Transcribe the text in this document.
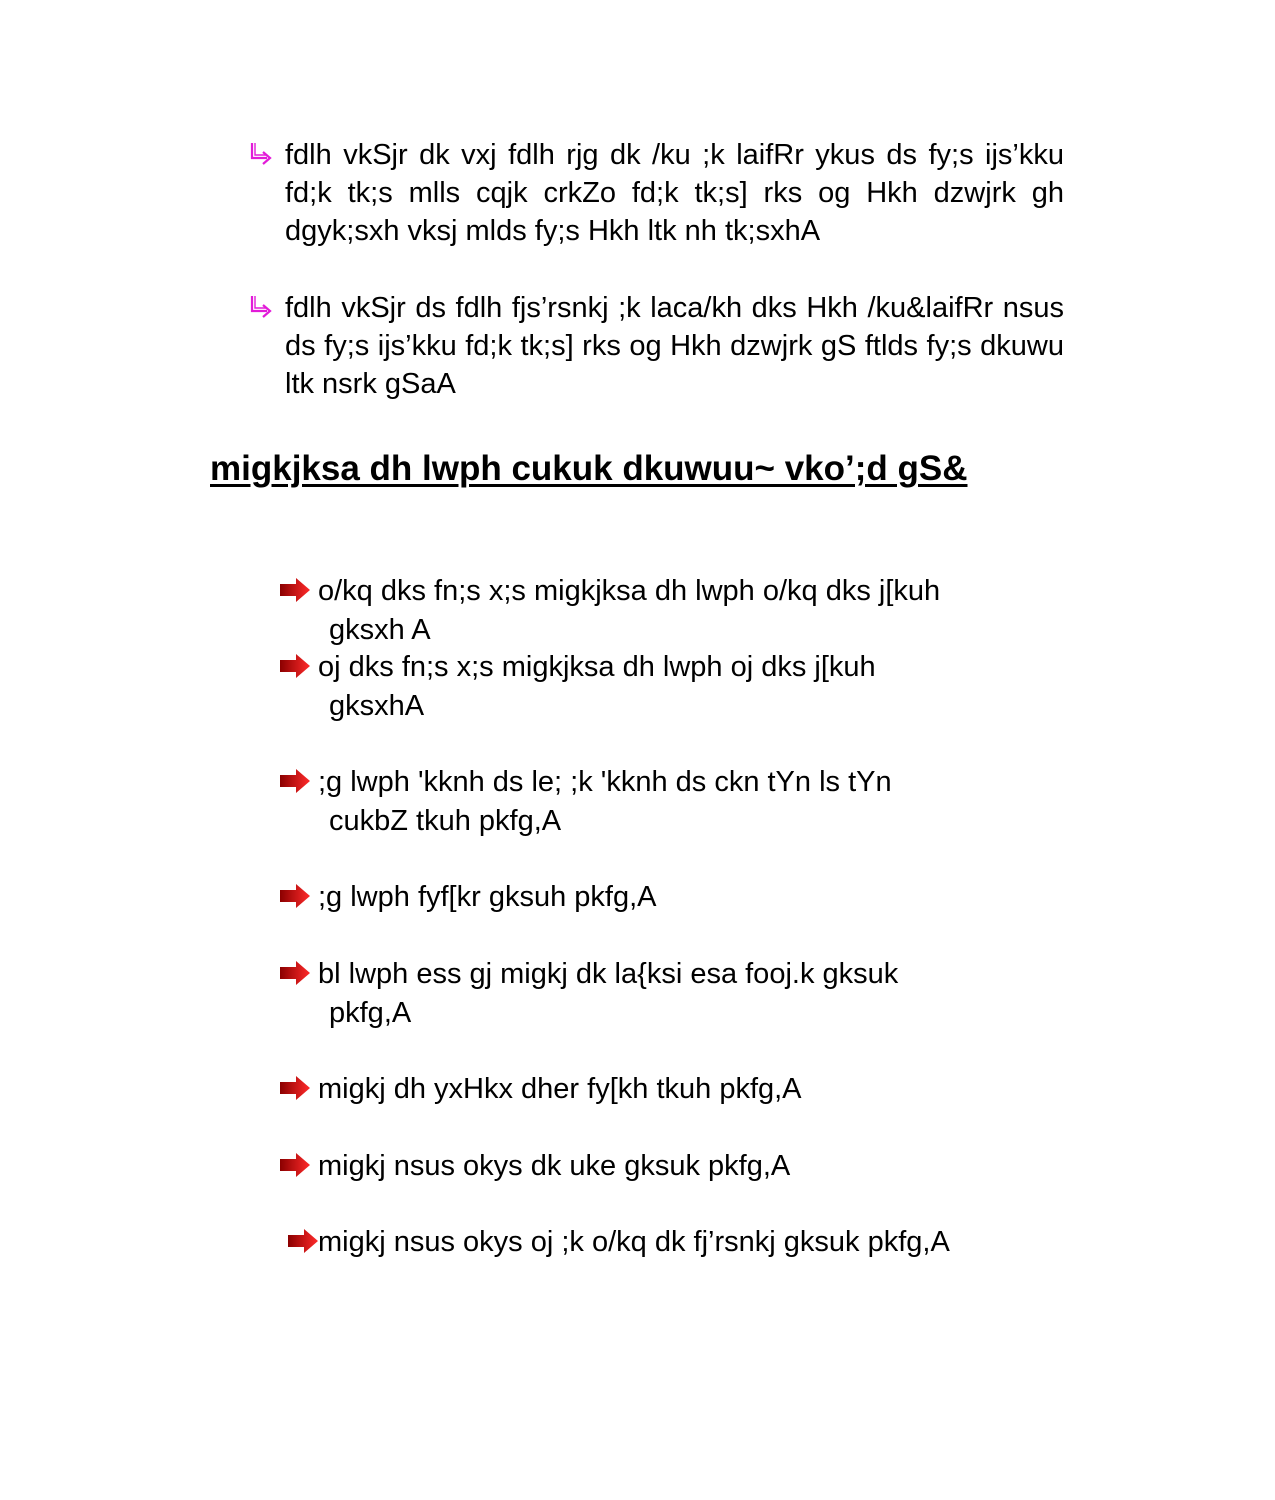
fdlh vkSjr dk vxj fdlh rjg dk /ku ;k laifRr ykus ds fy;s ijs’kku fd;k tk;s mlls cqjk crkZo fd;k tk;s] rks og Hkh dzwjrk gh dgyk;sxh vksj mlds fy;s Hkh ltk nh tk;sxhA
fdlh vkSjr ds fdlh fjs’rsnkj ;k laca/kh dks Hkh /ku&laifRr nsus ds fy;s ijs’kku fd;k tk;s] rks og Hkh dzwjrk gS ftlds fy;s dkuwu ltk nsrk gSaA
migkjksa dh lwph cukuk dkuwuu~ vko’;d gS&
o/kq dks fn;s x;s migkjksa dh lwph o/kq dks j[kuh
gksxh A
oj dks fn;s x;s migkjksa dh lwph oj dks j[kuh
gksxhA
;g lwph 'kknh ds le; ;k 'kknh ds ckn tYn ls tYn
cukbZ tkuh pkfg,A
;g lwph fyf[kr gksuh pkfg,A
bl lwph ess gj migkj dk la{ksi esa fooj.k gksuk
pkfg,A
migkj dh yxHkx dher fy[kh tkuh pkfg,A
migkj nsus okys dk uke gksuk pkfg,A
migkj nsus okys oj ;k o/kq dk fj’rsnkj gksuk pkfg,A
